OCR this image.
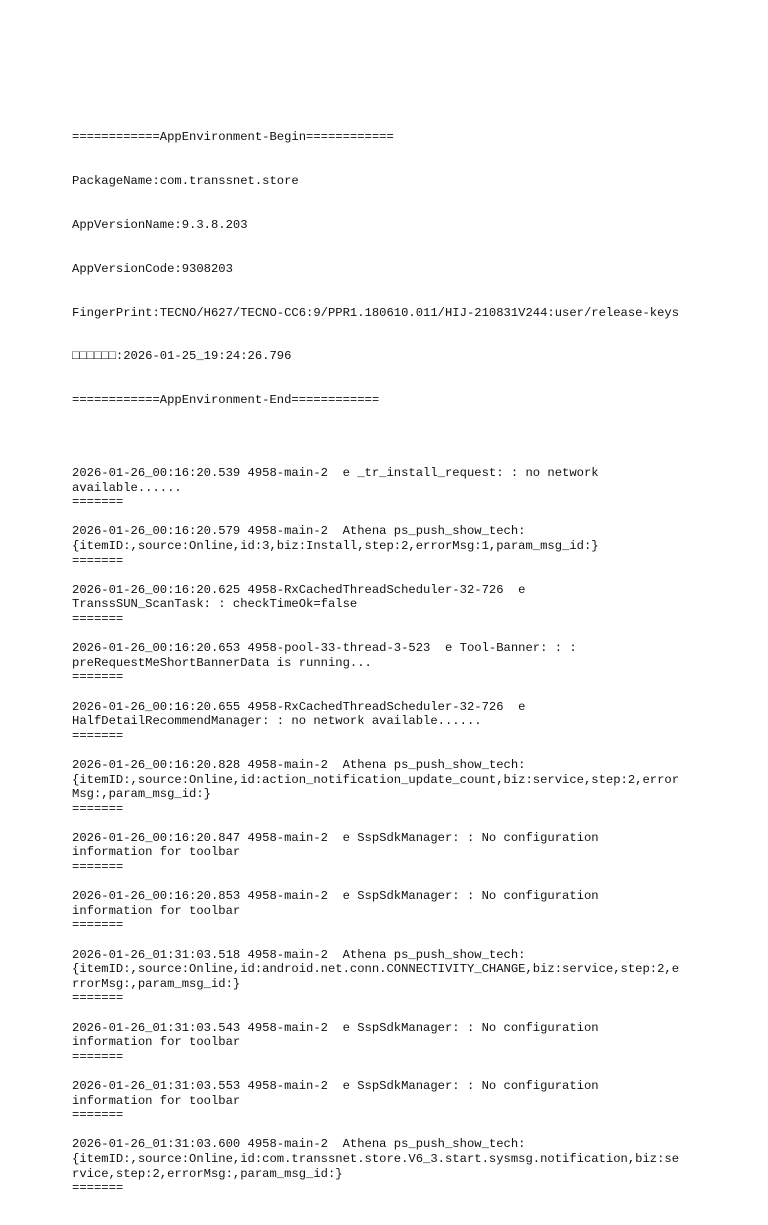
============AppEnvironment-Begin============

PackageName:com.transsnet.store

AppVersionName:9.3.8.203

AppVersionCode:9308203

FingerPrint:TECNO/H627/TECNO-CC6:9/PPR1.180610.011/HIJ-210831V244:user/release-keys

□□□□□□:2026-01-25_19:24:26.796

============AppEnvironment-End============

2026-01-26_00:16:20.539 4958-main-2  e _tr_install_request: : no network
available......
=======
2026-01-26_00:16:20.579 4958-main-2  Athena ps_push_show_tech:
{itemID:,source:Online,id:3,biz:Install,step:2,errorMsg:1,param_msg_id:}
=======
2026-01-26_00:16:20.625 4958-RxCachedThreadScheduler-32-726  e
TranssSUN_ScanTask: : checkTimeOk=false
=======
2026-01-26_00:16:20.653 4958-pool-33-thread-3-523  e Tool-Banner: : :
preRequestMeShortBannerData is running...
=======
2026-01-26_00:16:20.655 4958-RxCachedThreadScheduler-32-726  e
HalfDetailRecommendManager: : no network available......
=======
2026-01-26_00:16:20.828 4958-main-2  Athena ps_push_show_tech:
{itemID:,source:Online,id:action_notification_update_count,biz:service,step:2,error
Msg:,param_msg_id:}
=======
2026-01-26_00:16:20.847 4958-main-2  e SspSdkManager: : No configuration
information for toolbar
=======
2026-01-26_00:16:20.853 4958-main-2  e SspSdkManager: : No configuration
information for toolbar
=======
2026-01-26_01:31:03.518 4958-main-2  Athena ps_push_show_tech:
{itemID:,source:Online,id:android.net.conn.CONNECTIVITY_CHANGE,biz:service,step:2,e
rrorMsg:,param_msg_id:}
=======
2026-01-26_01:31:03.543 4958-main-2  e SspSdkManager: : No configuration
information for toolbar
=======
2026-01-26_01:31:03.553 4958-main-2  e SspSdkManager: : No configuration
information for toolbar
=======
2026-01-26_01:31:03.600 4958-main-2  Athena ps_push_show_tech:
{itemID:,source:Online,id:com.transsnet.store.V6_3.start.sysmsg.notification,biz:se
rvice,step:2,errorMsg:,param_msg_id:}
=======
